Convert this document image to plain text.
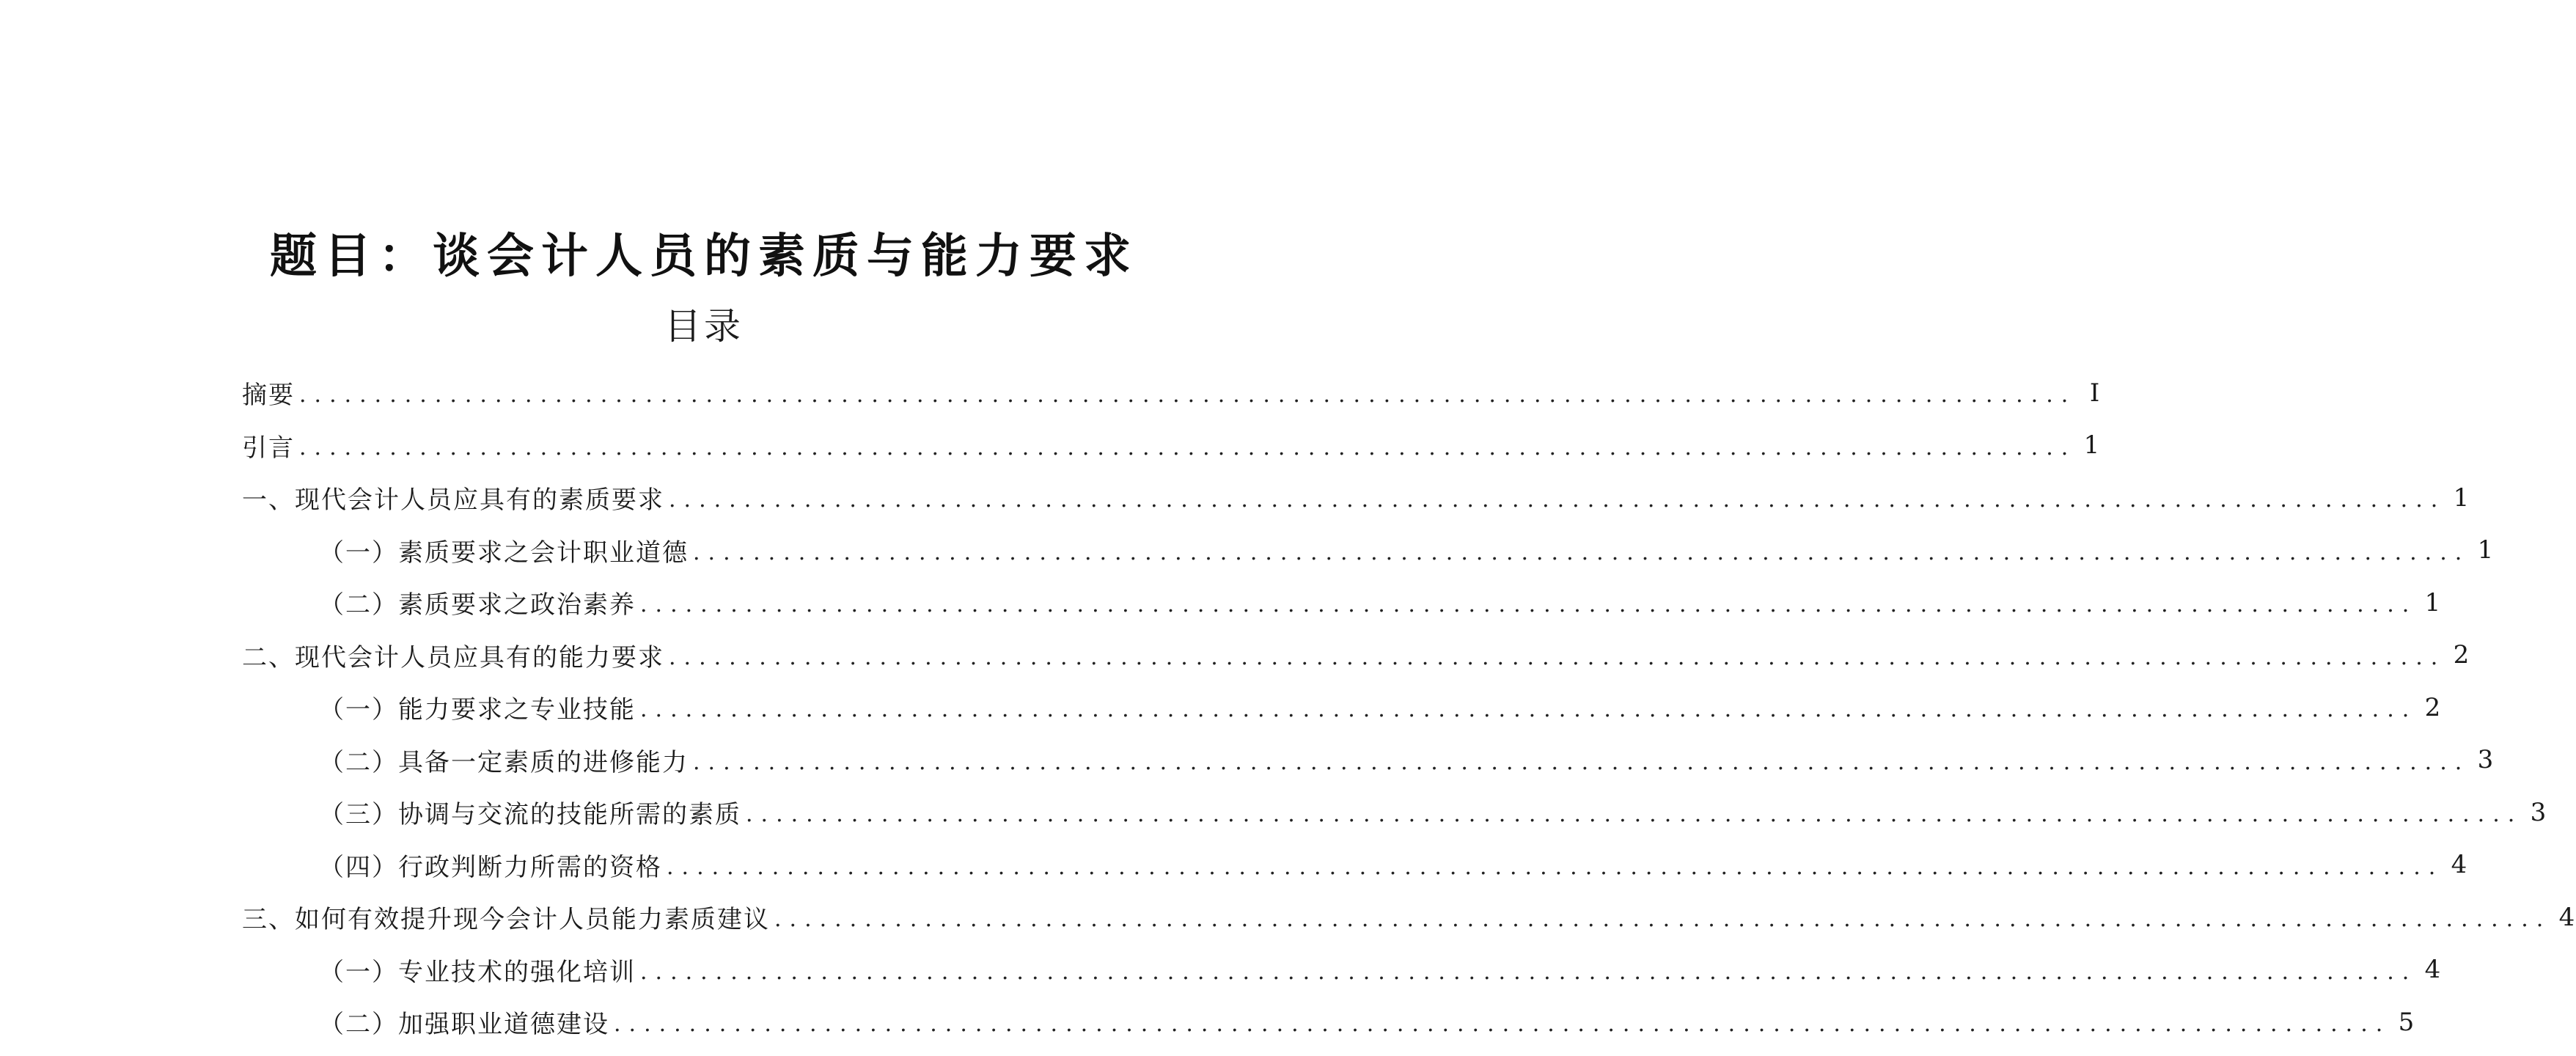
题目：谈会计人员的素质与能力要求
目录
摘要 ...................................................................................................................... I
引言 ...................................................................................................................... 1
一、现代会计人员应具有的素质要求 ...................................................................................................................... 1
（一）素质要求之会计职业道德 ...................................................................................................................... 1
（二）素质要求之政治素养 ...................................................................................................................... 1
二、现代会计人员应具有的能力要求 ...................................................................................................................... 2
（一）能力要求之专业技能 ...................................................................................................................... 2
（二）具备一定素质的进修能力 ...................................................................................................................... 3
（三）协调与交流的技能所需的素质 ...................................................................................................................... 3
（四）行政判断力所需的资格 ...................................................................................................................... 4
三、如何有效提升现今会计人员能力素质建议 ...................................................................................................................... 4
（一）专业技术的强化培训 ...................................................................................................................... 4
（二）加强职业道德建设 ...................................................................................................................... 5
